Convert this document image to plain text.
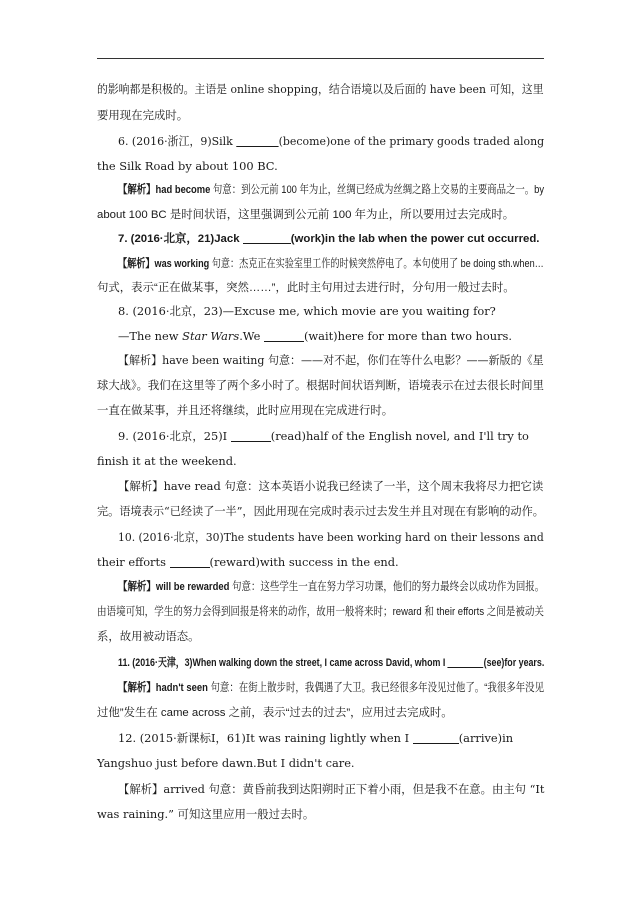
的影响都是积极的。主语是 online shopping，结合语境以及后面的 have been 可知，这里
要用现在完成时。
6. (2016·浙江，9)Silk	(become)one of the primary goods traded along
the Silk Road by about 100 BC.
【解析】had become 句意：到公元前 100 年为止，丝绸已经成为丝绸之路上交易的主要商品之一。by
about 100 BC 是时间状语，这里强调到公元前 100 年为止，所以要用过去完成时。
7. (2016·北京，21)Jack	(work)in the lab when the power cut occurred.
【解析】was working 句意：杰克正在实验室里工作的时候突然停电了。本句使用了 be doing sth.when…
句式，表示“正在做某事，突然……”，此时主句用过去进行时，分句用一般过去时。
8. (2016·北京，23)—Excuse me, which movie are you waiting for?
—The new Star Wars.We	(wait)here for more than two hours.
【解析】have been waiting 句意：——对不起，你们在等什么电影？——新版的《星
球大战》。我们在这里等了两个多小时了。根据时间状语判断，语境表示在过去很长时间里
一直在做某事，并且还将继续，此时应用现在完成进行时。
9. (2016·北京，25)I	(read)half of the English novel, and I'll try to
finish it at the weekend.
【解析】have read 句意：这本英语小说我已经读了一半，这个周末我将尽力把它读
完。语境表示“已经读了一半”，因此用现在完成时表示过去发生并且对现在有影响的动作。
10. (2016·北京，30)The students have been working hard on their lessons and
their efforts	(reward)with success in the end.
【解析】will be rewarded 句意：这些学生一直在努力学习功课，他们的努力最终会以成功作为回报。
由语境可知，学生的努力会得到回报是将来的动作，故用一般将来时；reward 和 their efforts 之间是被动关
系，故用被动语态。
11. (2016·天津，3)When walking down the street, I came across David, whom I	(see)for years.
【解析】hadn't seen 句意：在街上散步时，我偶遇了大卫。我已经很多年没见过他了。“我很多年没见
过他”发生在 came across 之前，表示“过去的过去”，应用过去完成时。
12. (2015·新课标Ⅰ，61)It was raining lightly when I	(arrive)in
Yangshuo just before dawn.But I didn't care.
【解析】arrived 句意：黄昏前我到达阳朔时正下着小雨，但是我不在意。由主句 “It
was raining.” 可知这里应用一般过去时。
